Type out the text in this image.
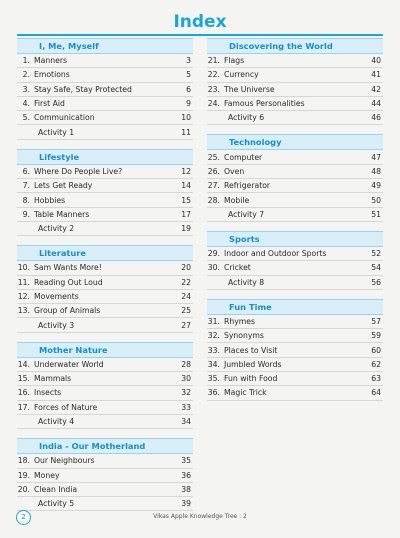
Index
I, Me, Myself
1. Manners	3
2. Emotions	5
3. Stay Safe, Stay Protected	6
4. First Aid	9
5. Communication	10
Activity 1	11
Lifestyle
6. Where Do People Live?	12
7. Lets Get Ready	14
8. Hobbies	15
9. Table Manners	17
Activity 2	19
Literature
10. Sam Wants More!	20
11. Reading Out Loud	22
12. Movements	24
13. Group of Animals	25
Activity 3	27
Mother Nature
14. Underwater World	28
15. Mammals	30
16. Insects	32
17. Forces of Nature	33
Activity 4	34
India - Our Motherland
18. Our Neighbours	35
19. Money	36
20. Clean India	38
Activity 5	39
Discovering the World
21. Flags	40
22. Currency	41
23. The Universe	42
24. Famous Personalities	44
Activity 6	46
Technology
25. Computer	47
26. Oven	48
27. Refrigerator	49
28. Mobile	50
Activity 7	51
Sports
29. Indoor and Outdoor Sports	52
30. Cricket	54
Activity 8	56
Fun Time
31. Rhymes	57
32. Synonyms	59
33. Places to Visit	60
34. Jumbled Words	62
35. Fun with Food	63
36. Magic Trick	64
2	Vikas Apple Knowledge Tree : 2
